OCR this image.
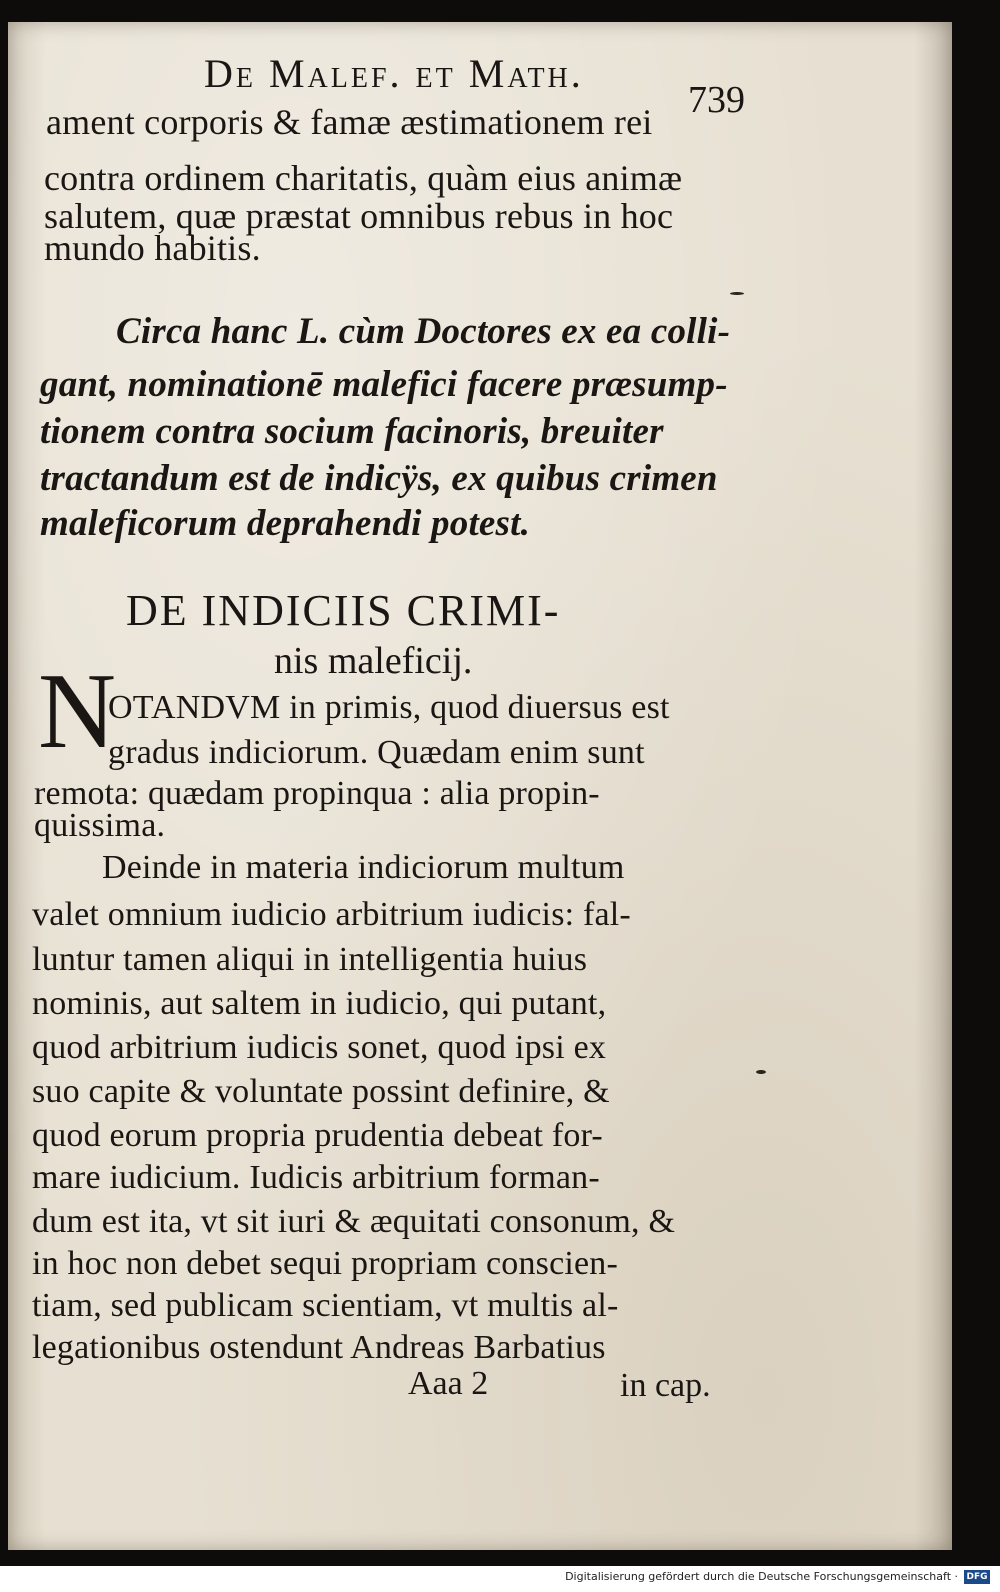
De Malef. et Math.
739
ament corporis & famæ æstimationem rei
contra ordinem charitatis, quàm eius animæ
salutem, quæ præstat omnibus rebus in hoc
mundo habitis.
Circa hanc L. cùm Doctores ex ea colli-
gant, nominationē malefici facere præsump-
tionem contra socium facinoris, breuiter
tractandum est de indicÿs, ex quibus crimen
maleficorum deprahendi potest.
DE INDICIIS CRIMI-
nis maleficij.
N
OTANDVM in primis, quod diuersus est
gradus indiciorum. Quædam enim sunt
remota: quædam propinqua : alia propin-
quissima.
Deinde in materia indiciorum multum
valet omnium iudicio arbitrium iudicis: fal-
luntur tamen aliqui in intelligentia huius
nominis, aut saltem in iudicio, qui putant,
quod arbitrium iudicis sonet, quod ipsi ex
suo capite & voluntate possint definire, &
quod eorum propria prudentia debeat for-
mare iudicium. Iudicis arbitrium forman-
dum est ita, vt sit iuri & æquitati consonum, &
in hoc non debet sequi propriam conscien-
tiam, sed publicam scientiam, vt multis al-
legationibus ostendunt Andreas Barbatius
Aaa 2	in cap.
Digitalisierung gefördert durch die Deutsche Forschungsgemeinschaft · DFG
